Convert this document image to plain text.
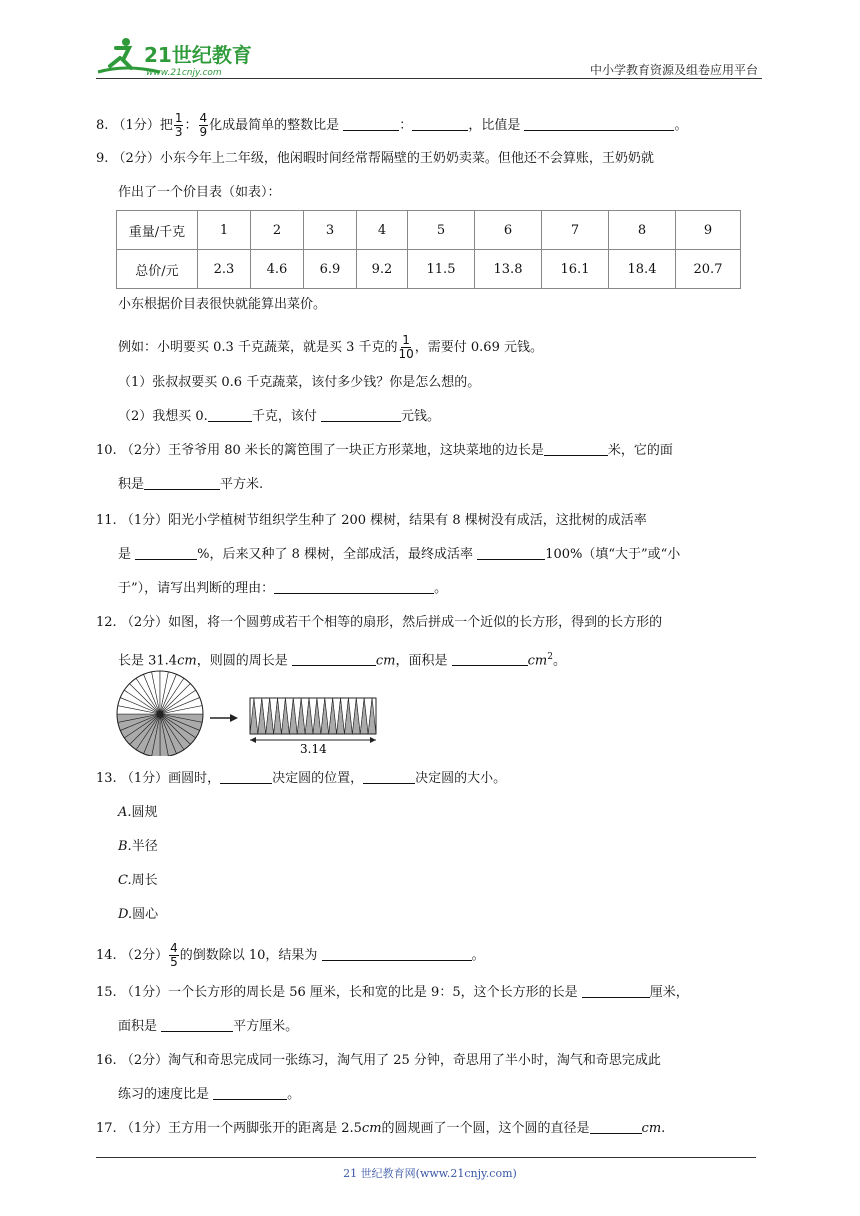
21世纪教育
www.21cnjy.com	中小学教育资源及组卷应用平台
8. （1分）把 $\frac{1}{3}$ ： $\frac{4}{9}$ 化成最简单的整数比是	：	，比值是	。
9. （2分）小东今年上二年级，他闲暇时间经常帮隔壁的王奶奶卖菜。但他还不会算账，王奶奶就
作出了一个价目表（如表）：
重量/千克	1	2	3	4	5	6	7	8	9
总价/元	2.3	4.6	6.9	9.2	11.5	13.8	16.1	18.4	20.7
小东根据价目表很快就能算出菜价。
例如：小明要买 0.3 千克蔬菜，就是买 3 千克的 $\frac{1}{10}$ ，需要付 0.69 元钱。
（1）张叔叔要买 0.6 千克蔬菜，该付多少钱？你是怎么想的。
（2）我想买 0.	千克，该付	元钱。
10. （2分）王爷爷用 80 米长的篱笆围了一块正方形菜地，这块菜地的边长是	米，它的面
积是	平方米.
11. （1分）阳光小学植树节组织学生种了 200 棵树，结果有 8 棵树没有成活，这批树的成活率
是	%，后来又种了 8 棵树，全部成活，最终成活率	100%（填“大于”或“小
于”），请写出判断的理由：	。
12. （2分）如图，将一个圆剪成若干个相等的扇形，然后拼成一个近似的长方形，得到的长方形的
长是 31.4cm，则圆的周长是	cm，面积是	$cm^2$。
3.14
13. （1分）画圆时，	决定圆的位置，	决定圆的大小。
A.圆规
B.半径
C.周长
D.圆心
14. （2分） $\frac{4}{5}$ 的倒数除以 10，结果为	。
15. （1分）一个长方形的周长是 56 厘米，长和宽的比是 9：5，这个长方形的长是	厘米，
面积是	平方厘米。
16. （2分）淘气和奇思完成同一张练习，淘气用了 25 分钟，奇思用了半小时，淘气和奇思完成此
练习的速度比是	。
17. （1分）王方用一个两脚张开的距离是 2.5cm的圆规画了一个圆，这个圆的直径是	cm.
21 世纪教育网(www.21cnjy.com)
